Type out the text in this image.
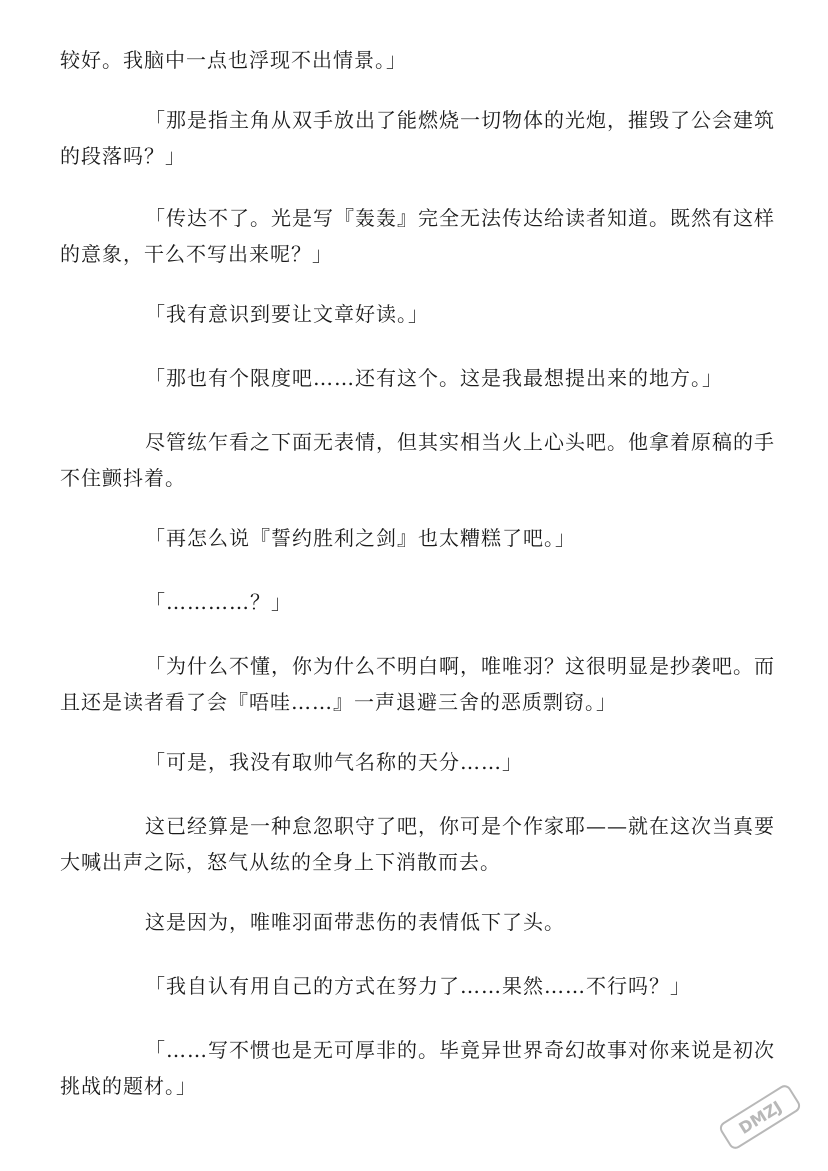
较好。我脑中一点也浮现不出情景。」

「那是指主角从双手放出了能燃烧一切物体的光炮，摧毁了公会建筑的段落吗？」

「传达不了。光是写『轰轰』完全无法传达给读者知道。既然有这样的意象，干么不写出来呢？」

「我有意识到要让文章好读。」

「那也有个限度吧……还有这个。这是我最想提出来的地方。」

尽管纮乍看之下面无表情，但其实相当火上心头吧。他拿着原稿的手不住颤抖着。

「再怎么说『誓约胜利之剑』也太糟糕了吧。」

「…………？」

「为什么不懂，你为什么不明白啊，唯唯羽？这很明显是抄袭吧。而且还是读者看了会『唔哇……』一声退避三舍的恶质剽窃。」

「可是，我没有取帅气名称的天分……」

这已经算是一种怠忽职守了吧，你可是个作家耶——就在这次当真要大喊出声之际，怒气从纮的全身上下消散而去。

这是因为，唯唯羽面带悲伤的表情低下了头。

「我自认有用自己的方式在努力了……果然……不行吗？」

「……写不惯也是无可厚非的。毕竟异世界奇幻故事对你来说是初次挑战的题材。」

DMZJ
